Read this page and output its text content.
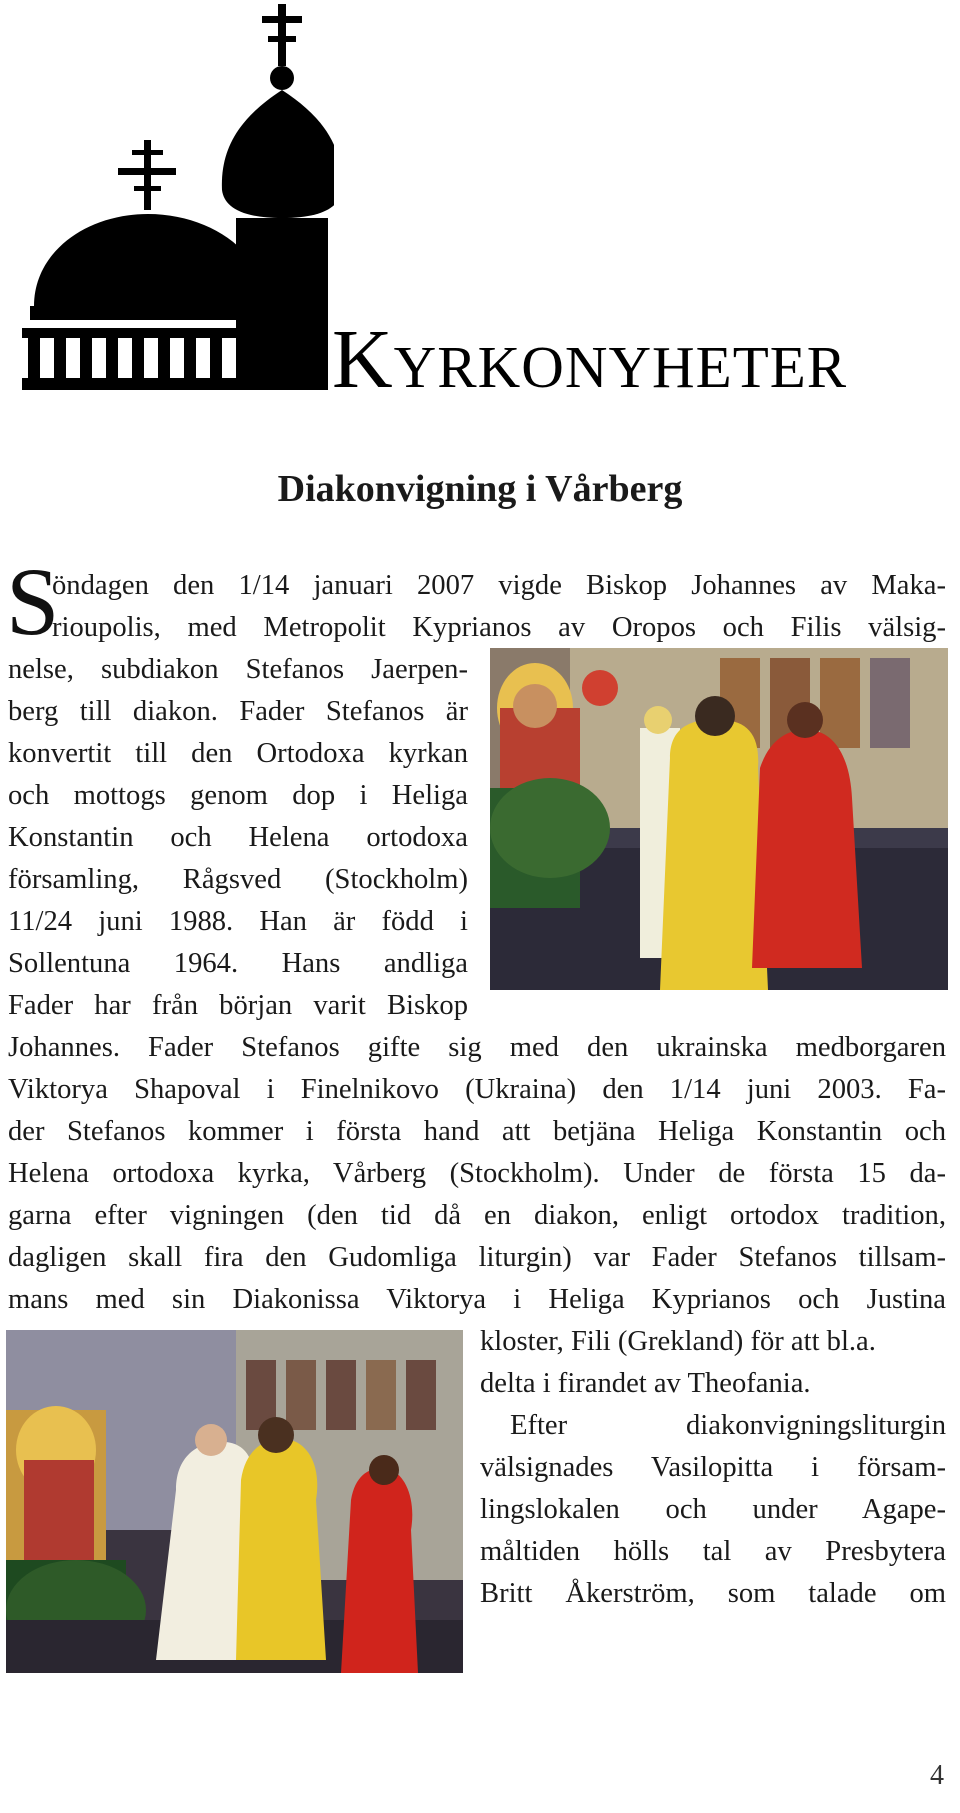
Kyrkonyheter
Diakonvigning i Vårberg
S
öndagen den 1/14 januari 2007 vigde Biskop Johannes av Maka-
rioupolis, med Metropolit Kyprianos av Oropos och Filis välsig-
nelse, subdiakon Stefanos Jaerpen-
berg till diakon. Fader Stefanos är
konvertit till den Ortodoxa kyrkan
och mottogs genom dop i Heliga
Konstantin och Helena ortodoxa
församling, Rågsved (Stockholm)
11/24 juni 1988. Han är född i
Sollentuna 1964. Hans andliga
Fader har från början varit Biskop
Johannes. Fader Stefanos gifte sig med den ukrainska medborgaren
Viktorya Shapoval i Finelnikovo (Ukraina) den 1/14 juni 2003. Fa-
der Stefanos kommer i första hand att betjäna Heliga Konstantin och
Helena ortodoxa kyrka, Vårberg (Stockholm). Under de första 15 da-
garna efter vigningen (den tid då en diakon, enligt ortodox tradition,
dagligen skall fira den Gudomliga liturgin) var Fader Stefanos tillsam-
mans med sin Diakonissa Viktorya i Heliga Kyprianos och Justina
kloster, Fili (Grekland) för att bl.a.
delta i firandet av Theofania.
Efter diakonvigningsliturgin
välsignades Vasilopitta i försam-
lingslokalen och under Agape-
måltiden hölls tal av Presbytera
Britt Åkerström, som talade om
4
